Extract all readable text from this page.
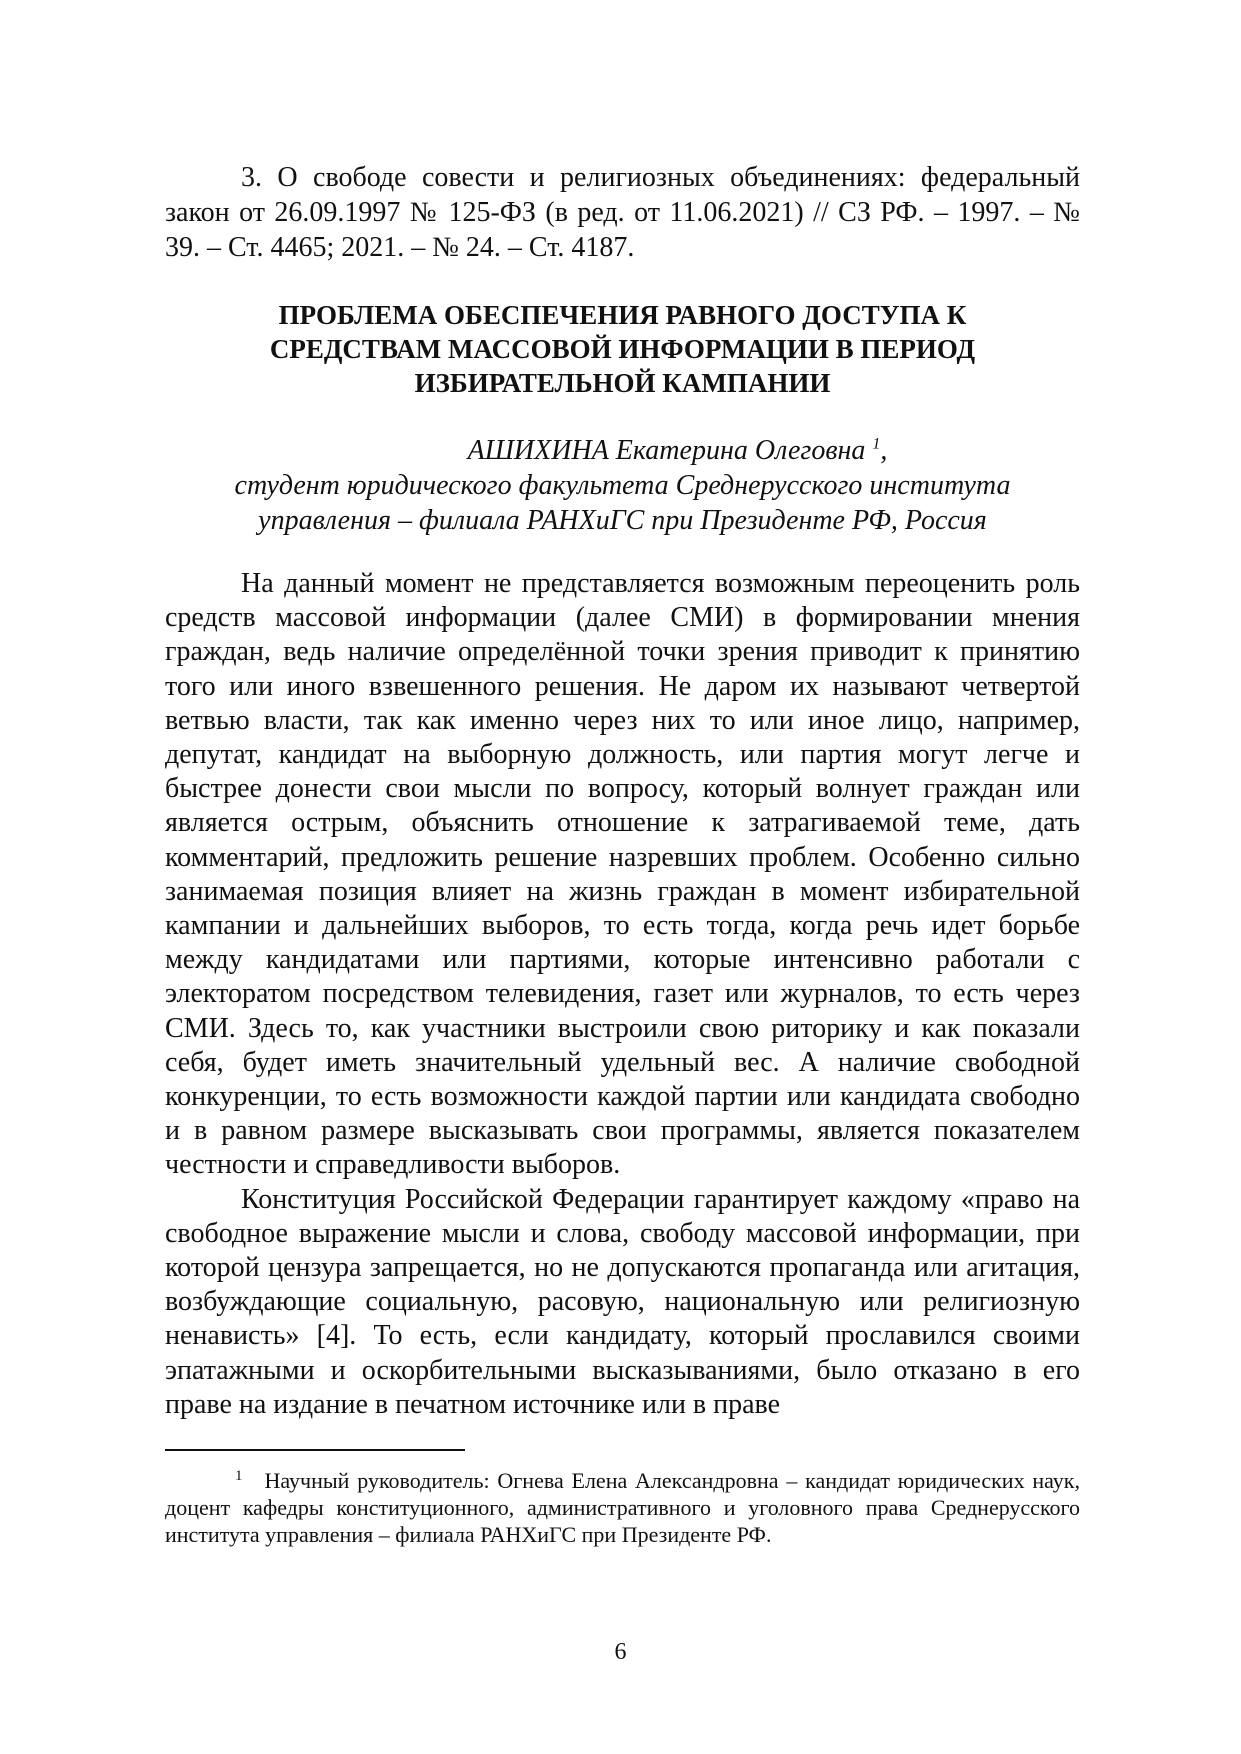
3. О свободе совести и религиозных объединениях: федеральный закон от 26.09.1997 № 125-ФЗ (в ред. от 11.06.2021) // СЗ РФ. – 1997. – № 39. – Ст. 4465; 2021. – № 24. – Ст. 4187.

ПРОБЛЕМА ОБЕСПЕЧЕНИЯ РАВНОГО ДОСТУПА К
СРЕДСТВАМ МАССОВОЙ ИНФОРМАЦИИ В ПЕРИОД
ИЗБИРАТЕЛЬНОЙ КАМПАНИИ
АШИХИНА Екатерина Олеговна $^1$,
студент юридического факультета Среднерусского института
управления – филиала РАНХиГС при Президенте РФ, Россия

На данный момент не представляется возможным переоценить роль средств массовой информации (далее СМИ) в формировании мнения граждан, ведь наличие определённой точки зрения приводит к принятию того или иного взвешенного решения. Не даром их называют четвертой ветвью власти, так как именно через них то или иное лицо, например, депутат, кандидат на выборную должность, или партия могут легче и быстрее донести свои мысли по вопросу, который волнует граждан или является острым, объяснить отношение к затрагиваемой теме, дать комментарий, предложить решение назревших проблем. Особенно сильно занимаемая позиция влияет на жизнь граждан в момент избирательной кампании и дальнейших выборов, то есть тогда, когда речь идет борьбе между кандидатами или партиями, которые интенсивно работали с электоратом посредством телевидения, газет или журналов, то есть через СМИ. Здесь то, как участники выстроили свою риторику и как показали себя, будет иметь значительный удельный вес. А наличие свободной конкуренции, то есть возможности каждой партии или кандидата свободно и в равном размере высказывать свои программы, является показателем честности и справедливости выборов.

Конституция Российской Федерации гарантирует каждому «право на свободное выражение мысли и слова, свободу массовой информации, при которой цензура запрещается, но не допускаются пропаганда или агитация, возбуждающие социальную, расовую, национальную или религиозную ненависть» [4]. То есть, если кандидату, который прославился своими эпатажными и оскорбительными высказываниями, было отказано в его праве на издание в печатном источнике или в праве

$^1$ Научный руководитель: Огнева Елена Александровна – кандидат юридических наук, доцент кафедры конституционного, административного и уголовного права Среднерусского института управления – филиала РАНХиГС при Президенте РФ.

6
